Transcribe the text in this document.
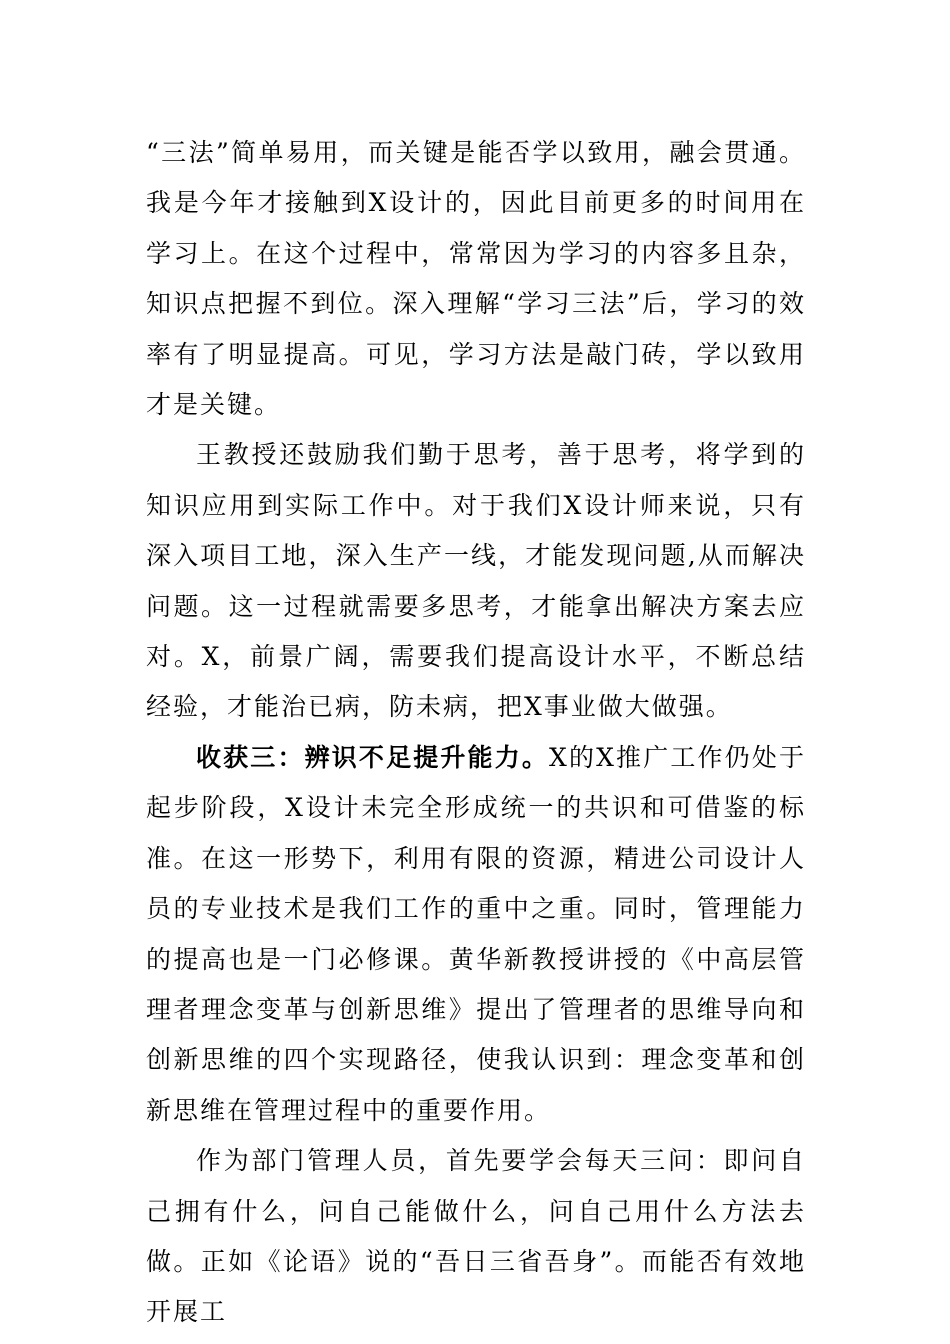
“三法”简单易用，而关键是能否学以致用，融会贯通。我是今年才接触到X设计的，因此目前更多的时间用在学习上。在这个过程中，常常因为学习的内容多且杂，知识点把握不到位。深入理解“学习三法”后，学习的效率有了明显提高。可见，学习方法是敲门砖，学以致用才是关键。

王教授还鼓励我们勤于思考，善于思考，将学到的知识应用到实际工作中。对于我们X设计师来说，只有深入项目工地，深入生产一线，才能发现问题,从而解决问题。这一过程就需要多思考，才能拿出解决方案去应对。X，前景广阔，需要我们提高设计水平，不断总结经验，才能治已病，防未病，把X事业做大做强。

收获三：辨识不足提升能力。X的X推广工作仍处于起步阶段，X设计未完全形成统一的共识和可借鉴的标准。在这一形势下，利用有限的资源，精进公司设计人员的专业技术是我们工作的重中之重。同时，管理能力的提高也是一门必修课。黄华新教授讲授的《中高层管理者理念变革与创新思维》提出了管理者的思维导向和创新思维的四个实现路径，使我认识到：理念变革和创新思维在管理过程中的重要作用。

作为部门管理人员，首先要学会每天三问：即问自己拥有什么，问自己能做什么，问自己用什么方法去做。正如《论语》说的“吾日三省吾身”。而能否有效地开展工
